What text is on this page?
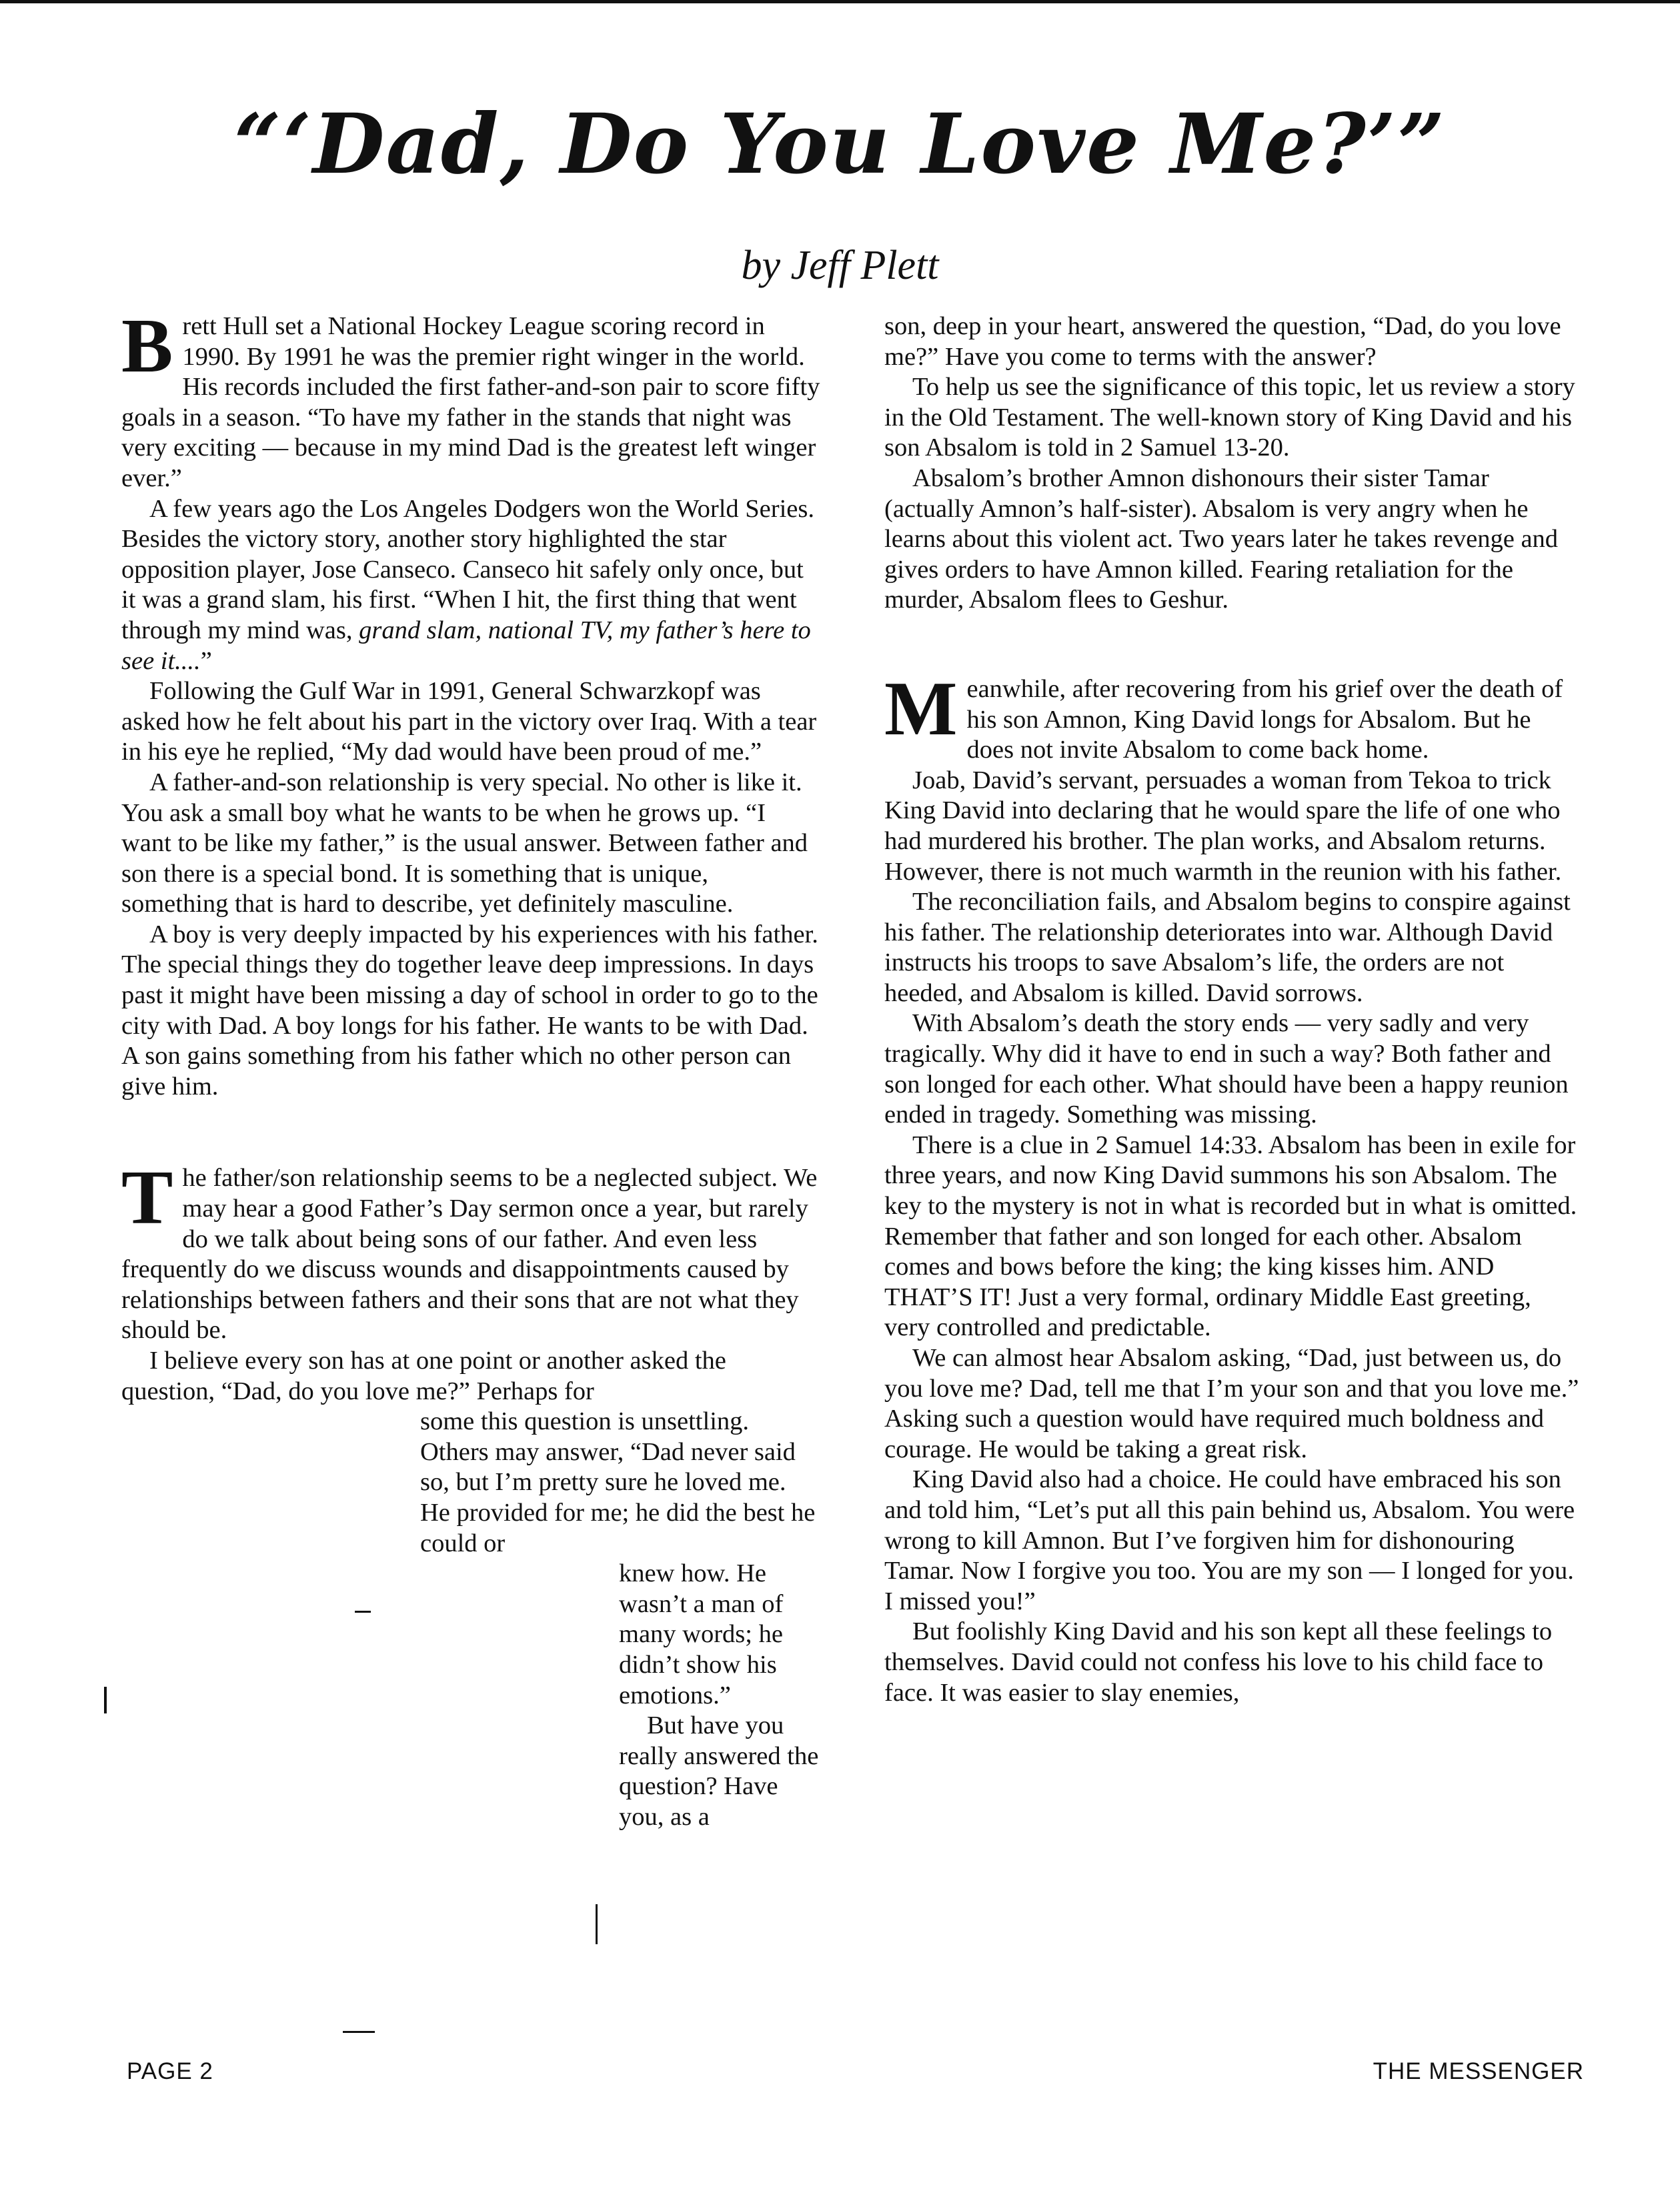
“‘Dad, Do You Love Me?’”
by Jeff Plett

Brett Hull set a National Hockey League scoring record in 1990. By 1991 he was the premier right winger in the world. His records included the first father-and-son pair to score fifty goals in a season. “To have my father in the stands that night was very exciting — because in my mind Dad is the greatest left winger ever.”

A few years ago the Los Angeles Dodgers won the World Series. Besides the victory story, another story highlighted the star opposition player, Jose Canseco. Canseco hit safely only once, but it was a grand slam, his first. “When I hit, the first thing that went through my mind was, grand slam, national TV, my father’s here to see it....”

Following the Gulf War in 1991, General Schwarzkopf was asked how he felt about his part in the victory over Iraq. With a tear in his eye he replied, “My dad would have been proud of me.”

A father-and-son relationship is very special. No other is like it. You ask a small boy what he wants to be when he grows up. “I want to be like my father,” is the usual answer. Between father and son there is a special bond. It is something that is unique, something that is hard to describe, yet definitely masculine.

A boy is very deeply impacted by his experiences with his father. The special things they do together leave deep impressions. In days past it might have been missing a day of school in order to go to the city with Dad. A boy longs for his father. He wants to be with Dad. A son gains something from his father which no other person can give him.

The father/son relationship seems to be a neglected subject. We may hear a good Father’s Day sermon once a year, but rarely do we talk about being sons of our father. And even less frequently do we discuss wounds and disappointments caused by relationships between fathers and their sons that are not what they should be.

I believe every son has at one point or another asked the question, “Dad, do you love me?” Perhaps for

some this question is unsettling. Others may answer, “Dad never said so, but I’m pretty sure he loved me. He provided for me; he did the best he could or

knew how. He wasn’t a man of many words; he didn’t show his emotions.”

But have you really answered the question? Have you, as a

son, deep in your heart, answered the question, “Dad, do you love me?” Have you come to terms with the answer?

To help us see the significance of this topic, let us review a story in the Old Testament. The well-known story of King David and his son Absalom is told in 2 Samuel 13-20.

Absalom’s brother Amnon dishonours their sister Tamar (actually Amnon’s half-sister). Absalom is very angry when he learns about this violent act. Two years later he takes revenge and gives orders to have Amnon killed. Fearing retaliation for the murder, Absalom flees to Geshur.

Meanwhile, after recovering from his grief over the death of his son Amnon, King David longs for Absalom. But he does not invite Absalom to come back home.

Joab, David’s servant, persuades a woman from Tekoa to trick King David into declaring that he would spare the life of one who had murdered his brother. The plan works, and Absalom returns. However, there is not much warmth in the reunion with his father.

The reconciliation fails, and Absalom begins to conspire against his father. The relationship deteriorates into war. Although David instructs his troops to save Absalom’s life, the orders are not heeded, and Absalom is killed. David sorrows.

With Absalom’s death the story ends — very sadly and very tragically. Why did it have to end in such a way? Both father and son longed for each other. What should have been a happy reunion ended in tragedy. Something was missing.

There is a clue in 2 Samuel 14:33. Absalom has been in exile for three years, and now King David summons his son Absalom. The key to the mystery is not in what is recorded but in what is omitted. Remember that father and son longed for each other. Absalom comes and bows before the king; the king kisses him. AND THAT’S IT! Just a very formal, ordinary Middle East greeting, very controlled and predictable.

We can almost hear Absalom asking, “Dad, just between us, do you love me? Dad, tell me that I’m your son and that you love me.” Asking such a question would have required much boldness and courage. He would be taking a great risk.

King David also had a choice. He could have embraced his son and told him, “Let’s put all this pain behind us, Absalom. You were wrong to kill Amnon. But I’ve forgiven him for dishonouring Tamar. Now I forgive you too. You are my son — I longed for you. I missed you!”

But foolishly King David and his son kept all these feelings to themselves. David could not confess his love to his child face to face. It was easier to slay enemies,

PAGE 2	THE MESSENGER
